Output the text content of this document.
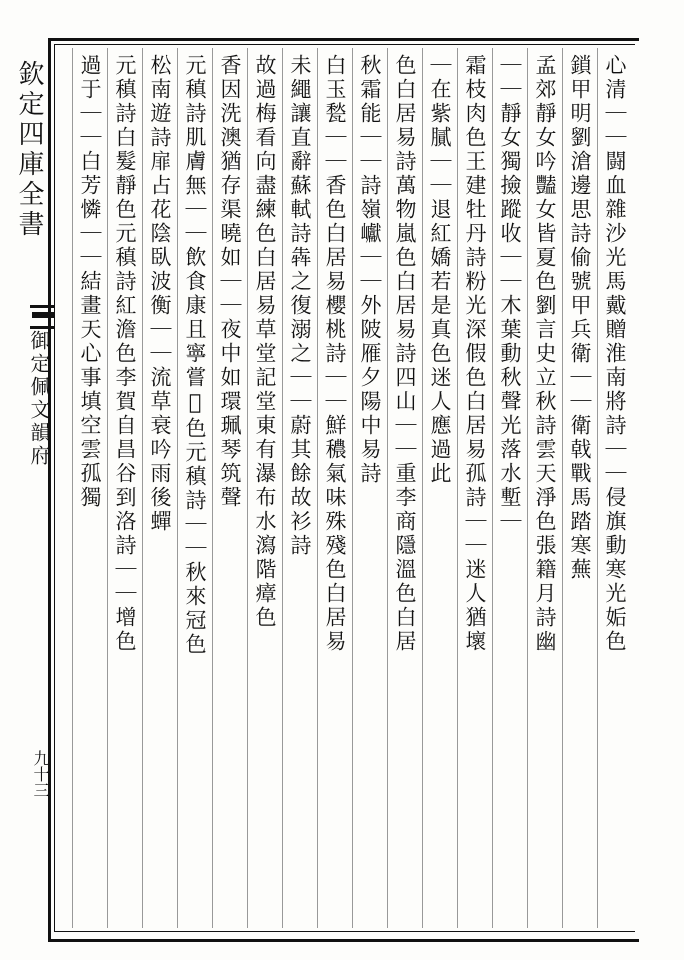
欽定四庫全書
御定佩文韻府
九十三
心清｜｜闘血雜沙光馬戴贈淮南將詩｜｜侵旗動寒光姤色
鎖甲明劉滄邊思詩偷號甲兵衛｜｜衛戟戰馬踏寒蕪
孟郊靜女吟豔女皆夏色劉言史立秋詩雲天淨色張籍月詩幽
｜｜靜女獨撿蹤收｜｜木葉動秋聲光落水塹｜
霜枝肉色王建牡丹詩粉光深假色白居易孤詩｜｜迷人猶壞
｜在紫膩｜｜退紅嬌若是真色迷人應過此
色白居易詩萬物嵐色白居易詩四山｜｜重李商隱溫色白居
秋霜能｜｜詩嶺巘｜｜外陂雁夕陽中易詩
白玉甃｜｜香色白居易櫻桃詩｜｜鮮穠氣味殊殘色白居易
未繩讓直辭蘇軾詩犇之復溺之｜｜蔚其餘故衫詩
故過梅看向盡練色白居易草堂記堂東有瀑布水瀉階瘴色
香因洗澳猶存渠曉如｜｜夜中如環珮琴筑聲
元稹詩肌膚無｜｜飲食康且寧嘗𪾶色元稹詩｜｜秋來冠色
松南遊詩扉占花陰臥波衡｜｜流草衰吟雨後蟬
元稹詩白髮靜色元稹詩紅澹色李賀自昌谷到洛詩｜｜增色
過于｜｜白芳憐｜｜結畫天心事填空雲孤獨
